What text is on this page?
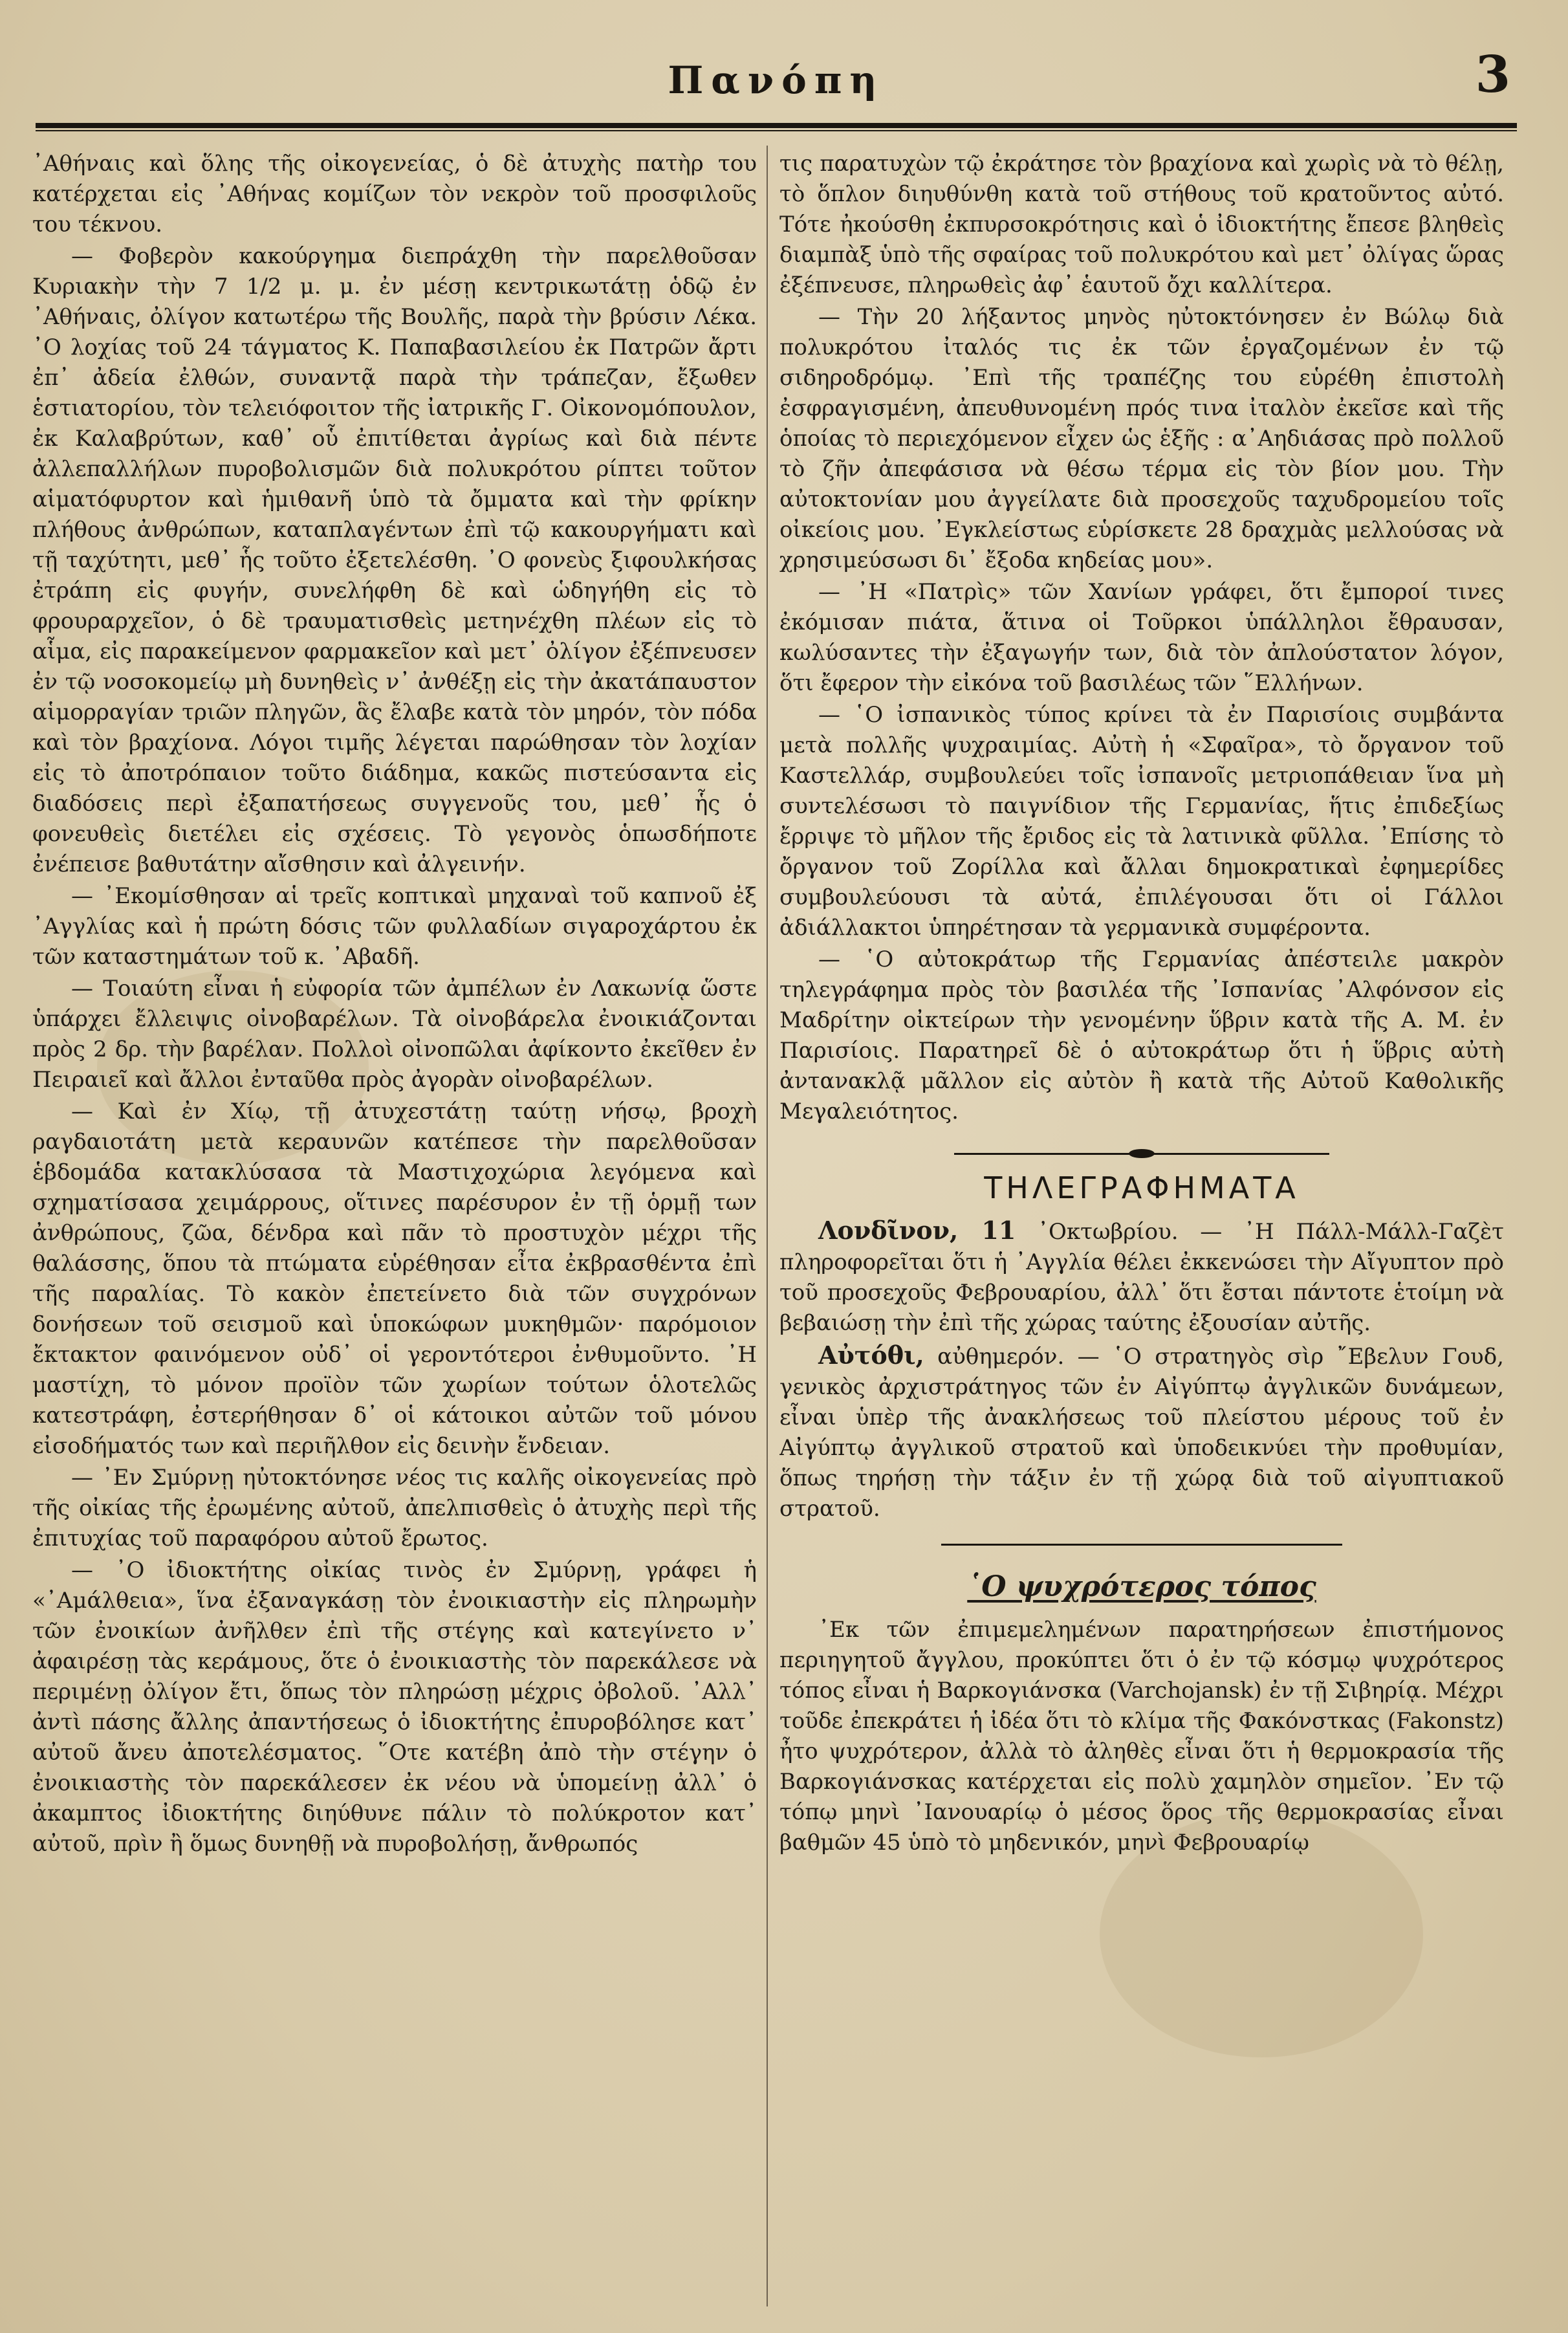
Πανόπη	3

᾽Αθήναις καὶ ὅλης τῆς οἰκογενείας, ὁ δὲ ἀτυχὴς πατὴρ του κατέρχεται εἰς ᾽Αθήνας κομίζων τὸν νεκρὸν τοῦ προσφιλοῦς του τέκνου.

— Φοβερὸν κακούργημα διεπράχθη τὴν παρελθοῦσαν Κυριακὴν τὴν 7 1/2 μ. μ. ἐν μέσῃ κεντρικωτάτῃ ὁδῷ ἐν ᾽Αθήναις, ὀλίγον κατωτέρω τῆς Βουλῆς, παρὰ τὴν βρύσιν Λέκα. ᾽Ο λοχίας τοῦ 24 τάγματος Κ. Παπαβασιλείου ἐκ Πατρῶν ἄρτι ἐπ᾽ ἀδεία ἐλθών, συναντᾷ παρὰ τὴν τράπεζαν, ἔξωθεν ἑστιατορίου, τὸν τελειόφοιτον τῆς ἰατρικῆς Γ. Οἰκονομόπουλον, ἐκ Καλαβρύτων, καθ᾽ οὗ ἐπιτίθεται ἀγρίως καὶ διὰ πέντε ἀλλεπαλλήλων πυροβολισμῶν διὰ πολυκρότου ρίπτει τοῦτον αἱματόφυρτον καὶ ἡμιθανῆ ὑπὸ τὰ ὄμματα καὶ τὴν φρίκην πλήθους ἀνθρώπων, καταπλαγέντων ἐπὶ τῷ κακουργήματι καὶ τῇ ταχύτητι, μεθ᾽ ἧς τοῦτο ἐξετελέσθη. ᾽Ο φονεὺς ξιφουλκήσας ἐτράπη εἰς φυγήν, συνελήφθη δὲ καὶ ὡδηγήθη εἰς τὸ φρουραρχεῖον, ὁ δὲ τραυματισθεὶς μετηνέχθη πλέων εἰς τὸ αἷμα, εἰς παρακείμενον φαρμακεῖον καὶ μετ᾽ ὀλίγον ἐξέπνευσεν ἐν τῷ νοσοκομείῳ μὴ δυνηθεὶς ν᾽ ἀνθέξῃ εἰς τὴν ἀκατάπαυστον αἱμορραγίαν τριῶν πληγῶν, ἃς ἔλαβε κατὰ τὸν μηρόν, τὸν πόδα καὶ τὸν βραχίονα. Λόγοι τιμῆς λέγεται παρώθησαν τὸν λοχίαν εἰς τὸ ἀποτρόπαιον τοῦτο διάδημα, κακῶς πιστεύσαντα εἰς διαδόσεις περὶ ἐξαπατήσεως συγγενοῦς του, μεθ᾽ ἧς ὁ φονευθεὶς διετέλει εἰς σχέσεις. Τὸ γεγονὸς ὁπωσδήποτε ἐνέπεισε βαθυτάτην αἴσθησιν καὶ ἀλγεινήν.

— ᾽Εκομίσθησαν αἱ τρεῖς κοπτικαὶ μηχαναὶ τοῦ καπνοῦ ἐξ ᾽Αγγλίας καὶ ἡ πρώτη δόσις τῶν φυλλαδίων σιγαροχάρτου ἐκ τῶν καταστημάτων τοῦ κ. ᾽Αβαδῆ.

— Τοιαύτη εἶναι ἡ εὐφορία τῶν ἀμπέλων ἐν Λακωνίᾳ ὥστε ὑπάρχει ἔλλειψις οἰνοβαρέλων. Τὰ οἰνοβάρελα ἐνοικιάζονται πρὸς 2 δρ. τὴν βαρέλαν. Πολλοὶ οἰνοπῶλαι ἀφίκοντο ἐκεῖθεν ἐν Πειραιεῖ καὶ ἄλλοι ἐνταῦθα πρὸς ἀγορὰν οἰνοβαρέλων.

— Καὶ ἐν Χίῳ, τῇ ἀτυχεστάτῃ ταύτῃ νήσῳ, βροχὴ ραγδαιοτάτη μετὰ κεραυνῶν κατέπεσε τὴν παρελθοῦσαν ἑβδομάδα κατακλύσασα τὰ Μαστιχοχώρια λεγόμενα καὶ σχηματίσασα χειμάρρους, οἵτινες παρέσυρον ἐν τῇ ὁρμῇ των ἀνθρώπους, ζῶα, δένδρα καὶ πᾶν τὸ προστυχὸν μέχρι τῆς θαλάσσης, ὅπου τὰ πτώματα εὑρέθησαν εἶτα ἐκβρασθέντα ἐπὶ τῆς παραλίας. Τὸ κακὸν ἐπετείνετο διὰ τῶν συγχρόνων δονήσεων τοῦ σεισμοῦ καὶ ὑποκώφων μυκηθμῶν· παρόμοιον ἔκτακτον φαινόμενον οὐδ᾽ οἱ γεροντότεροι ἐνθυμοῦντο. ᾽Η μαστίχη, τὸ μόνον προϊὸν τῶν χωρίων τούτων ὁλοτελῶς κατεστράφη, ἐστερήθησαν δ᾽ οἱ κάτοικοι αὐτῶν τοῦ μόνου εἰσοδήματός των καὶ περιῆλθον εἰς δεινὴν ἔνδειαν.

— ᾽Εν Σμύρνῃ ηὐτοκτόνησε νέος τις καλῆς οἰκογενείας πρὸ τῆς οἰκίας τῆς ἐρωμένης αὐτοῦ, ἀπελπισθεὶς ὁ ἀτυχὴς περὶ τῆς ἐπιτυχίας τοῦ παραφόρου αὐτοῦ ἔρωτος.

— ᾽Ο ἰδιοκτήτης οἰκίας τινὸς ἐν Σμύρνῃ, γράφει ἡ «᾽Αμάλθεια», ἵνα ἐξαναγκάσῃ τὸν ἐνοικιαστὴν εἰς πληρωμὴν τῶν ἐνοικίων ἀνῆλθεν ἐπὶ τῆς στέγης καὶ κατεγίνετο ν᾽ ἀφαιρέσῃ τὰς κεράμους, ὅτε ὁ ἐνοικιαστὴς τὸν παρεκάλεσε νὰ περιμένῃ ὀλίγον ἔτι, ὅπως τὸν πληρώσῃ μέχρις ὀβολοῦ. ᾽Αλλ᾽ ἀντὶ πάσης ἄλλης ἀπαντήσεως ὁ ἰδιοκτήτης ἐπυροβόλησε κατ᾽ αὐτοῦ ἄνευ ἀποτελέσματος. ῞Οτε κατέβη ἀπὸ τὴν στέγην ὁ ἐνοικιαστὴς τὸν παρεκάλεσεν ἐκ νέου νὰ ὑπομείνῃ ἀλλ᾽ ὁ ἀκαμπτος ἰδιοκτήτης διηύθυνε πάλιν τὸ πολύκροτον κατ᾽ αὐτοῦ, πρὶν ἢ ὅμως δυνηθῇ νὰ πυροβολήσῃ, ἄνθρωπός

τις παρατυχὼν τῷ ἐκράτησε τὸν βραχίονα καὶ χωρὶς νὰ τὸ θέλῃ, τὸ ὅπλον διηυθύνθη κατὰ τοῦ στήθους τοῦ κρατοῦντος αὐτό. Τότε ἠκούσθη ἐκπυρσοκρότησις καὶ ὁ ἰδιοκτήτης ἔπεσε βληθεὶς διαμπὰξ ὑπὸ τῆς σφαίρας τοῦ πολυκρότου καὶ μετ᾽ ὀλίγας ὥρας ἐξέπνευσε, πληρωθεὶς ἀφ᾽ ἑαυτοῦ ὄχι καλλίτερα.

— Τὴν 20 λήξαντος μηνὸς ηὐτοκτόνησεν ἐν Βώλῳ διὰ πολυκρότου ἰταλός τις ἐκ τῶν ἐργαζομένων ἐν τῷ σιδηροδρόμῳ. ᾽Επὶ τῆς τραπέζης του εὑρέθη ἐπιστολὴ ἐσφραγισμένη, ἀπευθυνομένη πρός τινα ἰταλὸν ἐκεῖσε καὶ τῆς ὁποίας τὸ περιεχόμενον εἶχεν ὡς ἑξῆς : α᾽Αηδιάσας πρὸ πολλοῦ τὸ ζῆν ἀπεφάσισα νὰ θέσω τέρμα εἰς τὸν βίον μου. Τὴν αὐτοκτονίαν μου ἀγγείλατε διὰ προσεχοῦς ταχυδρομείου τοῖς οἰκείοις μου. ᾽Εγκλείστως εὑρίσκετε 28 δραχμὰς μελλούσας νὰ χρησιμεύσωσι δι᾽ ἔξοδα κηδείας μου».

— ᾽Η «Πατρὶς» τῶν Χανίων γράφει, ὅτι ἔμποροί τινες ἐκόμισαν πιάτα, ἅτινα οἱ Τοῦρκοι ὑπάλληλοι ἔθραυσαν, κωλύσαντες τὴν ἐξαγωγήν των, διὰ τὸν ἀπλούστατον λόγον, ὅτι ἔφερον τὴν εἰκόνα τοῦ βασιλέως τῶν ῞Ελλήνων.

— ῾Ο ἰσπανικὸς τύπος κρίνει τὰ ἐν Παρισίοις συμβάντα μετὰ πολλῆς ψυχραιμίας. Αὐτὴ ἡ «Σφαῖρα», τὸ ὄργανον τοῦ Καστελλάρ, συμβουλεύει τοῖς ἰσπανοῖς μετριοπάθειαν ἵνα μὴ συντελέσωσι τὸ παιγνίδιον τῆς Γερμανίας, ἥτις ἐπιδεξίως ἔρριψε τὸ μῆλον τῆς ἔριδος εἰς τὰ λατινικὰ φῦλλα. ᾽Επίσης τὸ ὄργανον τοῦ Ζορίλλα καὶ ἄλλαι δημοκρατικαὶ ἐφημερίδες συμβουλεύουσι τὰ αὐτά, ἐπιλέγουσαι ὅτι οἱ Γάλλοι ἀδιάλλακτοι ὑπηρέτησαν τὰ γερμανικὰ συμφέροντα.

— ῾Ο αὐτοκράτωρ τῆς Γερμανίας ἀπέστειλε μακρὸν τηλεγράφημα πρὸς τὸν βασιλέα τῆς ᾽Ισπανίας ᾽Αλφόνσον εἰς Μαδρίτην οἰκτείρων τὴν γενομένην ὕβριν κατὰ τῆς Α. Μ. ἐν Παρισίοις. Παρατηρεῖ δὲ ὁ αὐτοκράτωρ ὅτι ἡ ὕβρις αὐτὴ ἀντανακλᾷ μᾶλλον εἰς αὐτὸν ἢ κατὰ τῆς Αὐτοῦ Καθολικῆς Μεγαλειότητος.

ΤΗΛΕΓΡΑΦΗΜΑΤΑ

Λονδῖνον, 11 ᾽Οκτωβρίου. — ᾽Η Πάλλ-Μάλλ-Γαζὲτ πληροφορεῖται ὅτι ἡ ᾽Αγγλία θέλει ἐκκενώσει τὴν Αἴγυπτον πρὸ τοῦ προσεχοῦς Φεβρουαρίου, ἀλλ᾽ ὅτι ἔσται πάντοτε ἑτοίμη νὰ βεβαιώσῃ τὴν ἐπὶ τῆς χώρας ταύτης ἐξουσίαν αὐτῆς.

Αὐτόθι, αὐθημερόν. — ῾Ο στρατηγὸς σὶρ ῎Εβελυν Γουδ, γενικὸς ἀρχιστράτηγος τῶν ἐν Αἰγύπτῳ ἀγγλικῶν δυνάμεων, εἶναι ὑπὲρ τῆς ἀνακλήσεως τοῦ πλείστου μέρους τοῦ ἐν Αἰγύπτῳ ἀγγλικοῦ στρατοῦ καὶ ὑποδεικνύει τὴν προθυμίαν, ὅπως τηρήσῃ τὴν τάξιν ἐν τῇ χώρᾳ διὰ τοῦ αἰγυπτιακοῦ στρατοῦ.

῾Ο ψυχρότερος τόπος

᾽Εκ τῶν ἐπιμεμελημένων παρατηρήσεων ἐπιστήμονος περιηγητοῦ ἄγγλου, προκύπτει ὅτι ὁ ἐν τῷ κόσμῳ ψυχρότερος τόπος εἶναι ἡ Βαρκογιάνσκα (Varchojansk) ἐν τῇ Σιβηρίᾳ. Μέχρι τοῦδε ἐπεκράτει ἡ ἰδέα ὅτι τὸ κλίμα τῆς Φακόνστκας (Fakonstz) ἦτο ψυχρότερον, ἀλλὰ τὸ ἀληθὲς εἶναι ὅτι ἡ θερμοκρασία τῆς Βαρκογιάνσκας κατέρχεται εἰς πολὺ χαμηλὸν σημεῖον. ᾽Εν τῷ τόπῳ μηνὶ ᾽Ιανουαρίῳ ὁ μέσος ὅρος τῆς θερμοκρασίας εἶναι βαθμῶν 45 ὑπὸ τὸ μηδενικόν, μηνὶ Φεβρουαρίῳ
